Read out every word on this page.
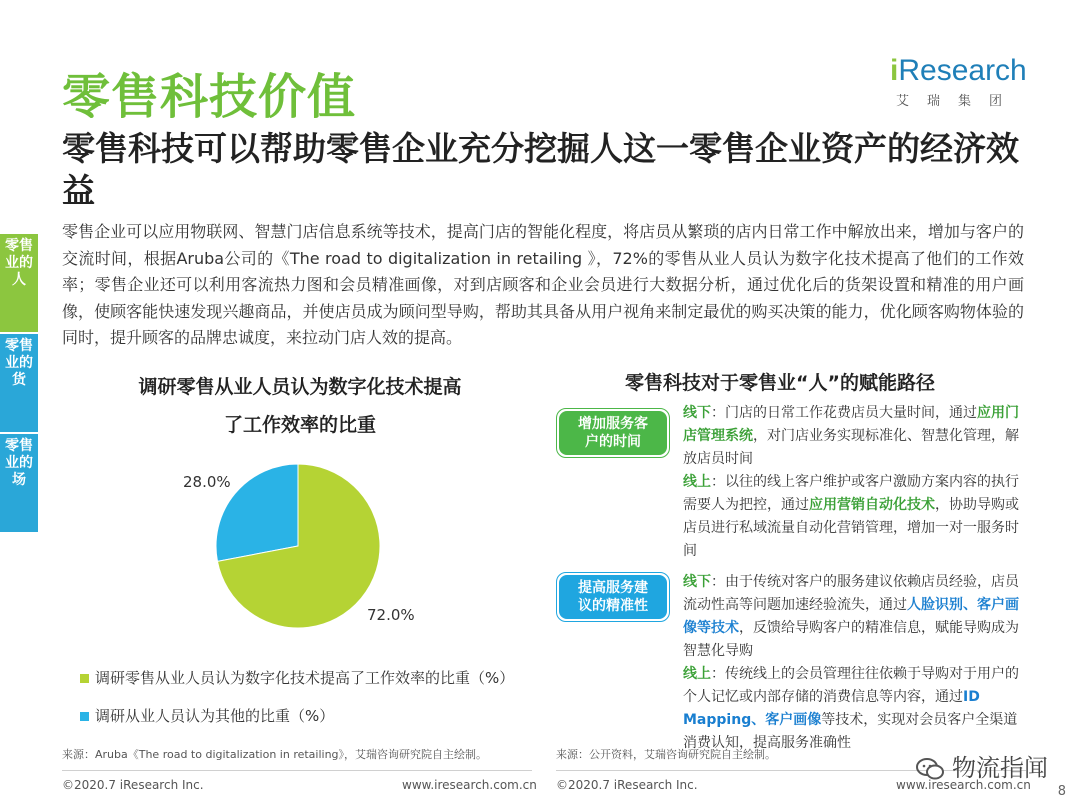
零售科技价值	iResearch
艾瑞集团
零售科技可以帮助零售企业充分挖掘人这一零售企业资产的经济效益
零售企业可以应用物联网、智慧门店信息系统等技术，提高门店的智能化程度，将店员从繁琐的店内日常工作中解放出来，增加与客户的交流时间，根据Aruba公司的《The road to digitalization in retailing 》，72%的零售从业人员认为数字化技术提高了他们的工作效率；零售企业还可以利用客流热力图和会员精准画像，对到店顾客和企业会员进行大数据分析，通过优化后的货架设置和精准的用户画像，使顾客能快速发现兴趣商品，并使店员成为顾问型导购，帮助其具备从用户视角来制定最优的购买决策的能力，优化顾客购物体验的同时，提升顾客的品牌忠诚度，来拉动门店人效的提高。
零售业的人
零售业的货
零售业的场
调研零售从业人员认为数字化技术提高
了工作效率的比重
28.0%
72.0%
调研零售从业人员认为数字化技术提高了工作效率的比重（%）
调研从业人员认为其他的比重（%）
来源：Aruba《The road to digitalization in retailing》，艾瑞咨询研究院自主绘制。
©2020.7 iResearch Inc.	www.iresearch.com.cn
零售科技对于零售业“人”的赋能路径
增加服务客
户的时间
线下：门店的日常工作花费店员大量时间，通过应用门店管理系统，对门店业务实现标准化、智慧化管理，解放店员时间
线上：以往的线上客户维护或客户激励方案内容的执行需要人为把控，通过应用营销自动化技术，协助导购或店员进行私域流量自动化营销管理，增加一对一服务时间
提高服务建
议的精准性
线下：由于传统对客户的服务建议依赖店员经验，店员流动性高等问题加速经验流失，通过人脸识别、客户画像等技术，反馈给导购客户的精准信息，赋能导购成为智慧化导购
线上：传统线上的会员管理往往依赖于导购对于用户的个人记忆或内部存储的消费信息等内容，通过ID Mapping、客户画像等技术，实现对会员客户全渠道消费认知，提高服务准确性
来源：公开资料，艾瑞咨询研究院自主绘制。
©2020.7 iResearch Inc.	www.iresearch.com.cn
物流指闻
8
